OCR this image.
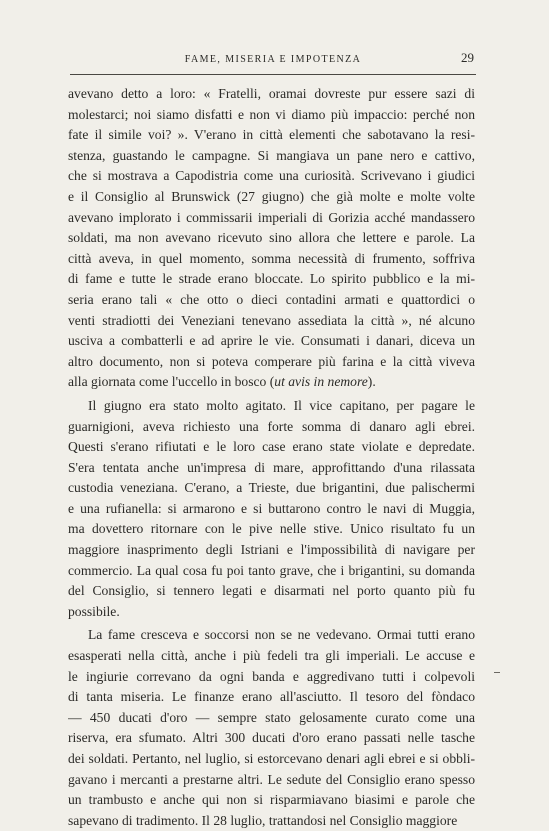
FAME, MISERIA E IMPOTENZA	29
avevano detto a loro: « Fratelli, oramai dovreste pur essere sazi di
molestarci; noi siamo disfatti e non vi diamo più impaccio: perché non
fate il simile voi? ». V'erano in città elementi che sabotavano la resi-
stenza, guastando le campagne. Si mangiava un pane nero e cattivo,
che si mostrava a Capodistria come una curiosità. Scrivevano i giudici
e il Consiglio al Brunswick (27 giugno) che già molte e molte volte
avevano implorato i commissarii imperiali di Gorizia acché mandassero
soldati, ma non avevano ricevuto sino allora che lettere e parole. La
città aveva, in quel momento, somma necessità di frumento, soffriva
di fame e tutte le strade erano bloccate. Lo spirito pubblico e la mi-
seria erano tali « che otto o dieci contadini armati e quattordici o
venti stradiotti dei Veneziani tenevano assediata la città », né alcuno
usciva a combatterli e ad aprire le vie. Consumati i danari, diceva un
altro documento, non si poteva comperare più farina e la città viveva
alla giornata come l'uccello in bosco (ut avis in nemore).
Il giugno era stato molto agitato. Il vice capitano, per pagare le
guarnigioni, aveva richiesto una forte somma di danaro agli ebrei.
Questi s'erano rifiutati e le loro case erano state violate e depredate.
S'era tentata anche un'impresa di mare, approfittando d'una rilassata
custodia veneziana. C'erano, a Trieste, due brigantini, due palischermi
e una rufianella: si armarono e si buttarono contro le navi di Muggia,
ma dovettero ritornare con le pive nelle stive. Unico risultato fu un
maggiore inasprimento degli Istriani e l'impossibilità di navigare per
commercio. La qual cosa fu poi tanto grave, che i brigantini, su domanda
del Consiglio, si tennero legati e disarmati nel porto quanto più fu
possibile.
La fame cresceva e soccorsi non se ne vedevano. Ormai tutti erano
esasperati nella città, anche i più fedeli tra gli imperiali. Le accuse e
le ingiurie correvano da ogni banda e aggredivano tutti i colpevoli
di tanta miseria. Le finanze erano all'asciutto. Il tesoro del fòndaco
— 450 ducati d'oro — sempre stato gelosamente curato come una
riserva, era sfumato. Altri 300 ducati d'oro erano passati nelle tasche
dei soldati. Pertanto, nel luglio, si estorcevano denari agli ebrei e si obbli-
gavano i mercanti a prestarne altri. Le sedute del Consiglio erano spesso
un trambusto e anche qui non si risparmiavano biasimi e parole che
sapevano di tradimento. Il 28 luglio, trattandosi nel Consiglio maggiore
